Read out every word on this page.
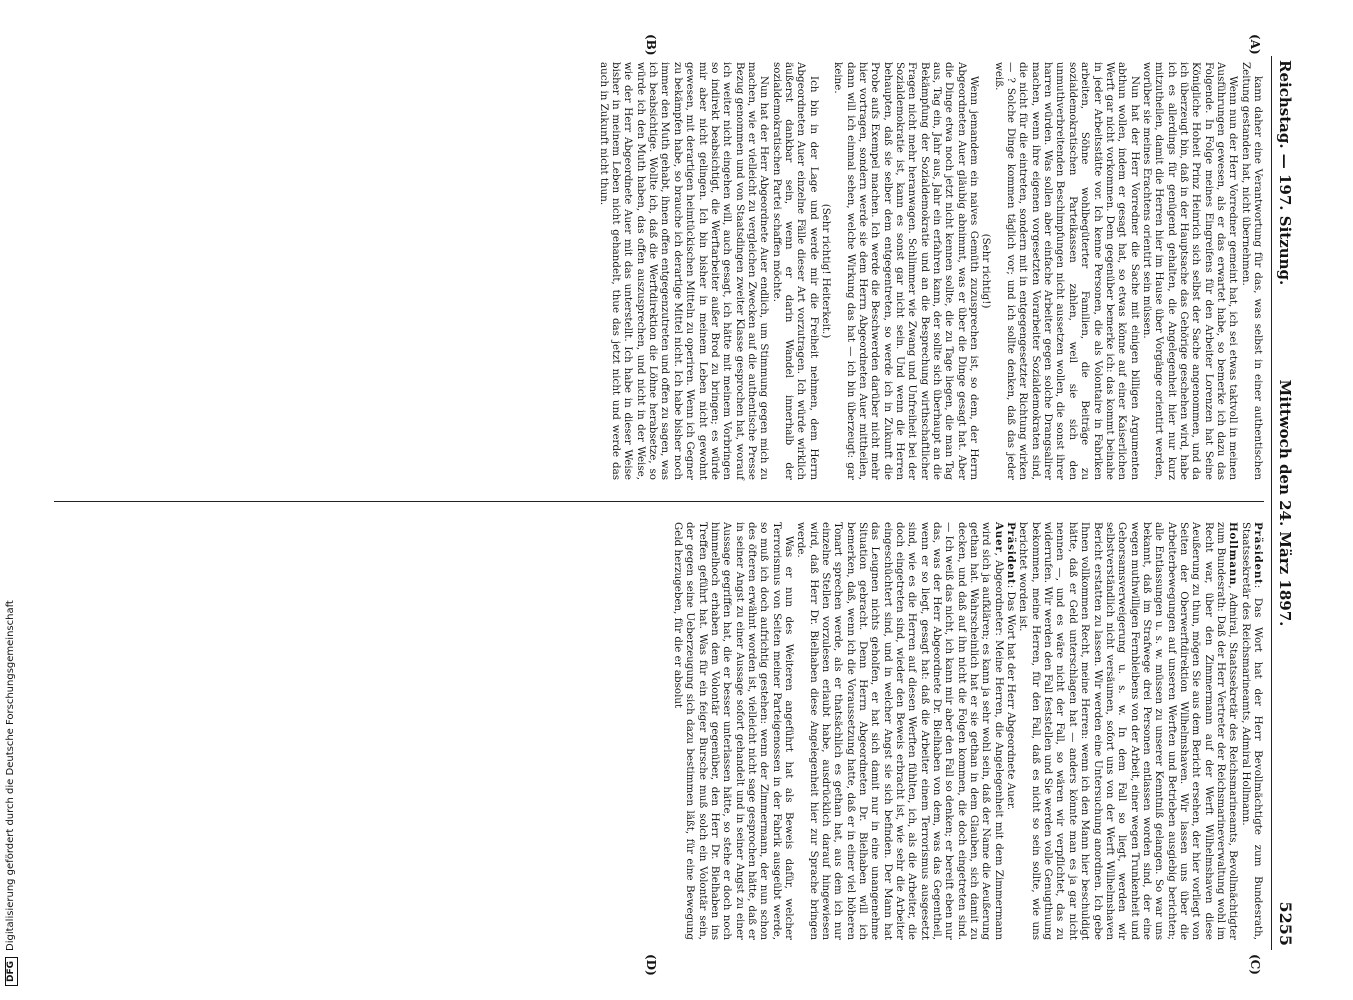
Reichstag. — 197. Sitzung.
Mittwoch den 24. März 1897.
5255

kann daher eine Verantwortung für das, was selbst in einer authentischen Zeitung gestanden hat, nicht übernehmen.

Wenn nun der Herr Vorredner gemeint hat, ich sei etwas taktvoll in meinen Ausführungen gewesen, als er das erwartet habe, so bemerke ich dazu das Folgende. In Folge meines Eingreifens für den Arbeiter Lorenzen hat Seine Königliche Hoheit Prinz Heinrich sich selbst der Sache angenommen, und da ich überzeugt bin, daß in der Hauptsache das Gehörige geschehen wird, habe ich es allerdings für genügend gehalten, die Angelegenheit hier nur kurz mitzutheilen, damit die Herren hier im Hause über Vorgänge orientirt werden, worüber sie meines Erachtens orientirt sein müssen.

Nun hat der Herr Vorredner die Sache mit einigen billigen Argumenten abthun wollen, indem er gesagt hat, so etwas könne auf einer Kaiserlichen Werft gar nicht vorkommen. Dem gegenüber bemerke ich: das kommt beinahe in jeder Arbeitsstätte vor. Ich kenne Personen, die als Volontaire in Fabriken arbeiten, Söhne wohlbegüterter Familien, die Beiträge zu sozialdemokratischen Parteikassen zahlen, weil sie sich den unmuthverbreitenden Beschimpfungen nicht aussetzen wollen, die sonst ihrer harren würden. Was sollen aber einfache Arbeiter gegen solche Drangsalirer machen, wenn ihre eigenen vorgesetzten Vorarbeiter Sozialdemokraten sind, die nicht für die eintreten, sondern mit in entgegengesetzter Richtung wirken — ? Solche Dinge kommen täglich vor; und ich sollte denken, daß das jeder weiß.

(Sehr richtig!)

Wenn jemandem ein naives Gemüth zuzusprechen ist, so dem, der Herrn Abgeordneten Auer gläubig abnimmt, was er über die Dinge gesagt hat. Aber die Dinge etwa noch jetzt nicht kennen sollte, die zu Tage liegen, die man Tag aus, Tag ein, Jahr aus, Jahr ein erfahren kann, der sollte sich überhaupt an die Bekämpfung der Sozialdemokratie und an die Besprechung wirthschaftlicher Fragen nicht mehr heranwagen. Schlimmer wie Zwang und Unfreiheit bei der Sozialdemokratie ist, kann es sonst gar nicht sein. Und wenn die Herren behaupten, daß sie selber dem entgegentreten, so werde ich in Zukunft die Probe aufs Exempel machen. Ich werde die Beschwerden darüber nicht mehr hier vortragen, sondern werde sie dem Herrn Abgeordneten Auer mittheilen, dann will ich einmal sehen, welche Wirkung das hat — ich bin überzeugt: gar keine.

(Sehr richtig! Heiterkeit.)

Ich bin in der Lage und werde mir die Freiheit nehmen, dem Herrn Abgeordneten Auer einzelne Fälle dieser Art vorzutragen. Ich würde wirklich äußerst dankbar sein, wenn er darin Wandel innerhalb der sozialdemokratischen Partei schaffen möchte.

Nun hat der Herr Abgeordnete Auer endlich, um Stimmung gegen mich zu machen, wie er vielleicht zu vergleichen Zwecken auf die authentische Presse Bezug genommen und von Staatsdingen zweiter Klasse gesprochen hat, worauf ich weiter nicht eingehen will, auch gesagt, ich hätte mit meinem Vorbringen so indirekt beabsichtigt, die Werftarbeiter außer Brod zu bringen; es würde mir aber nicht gelingen. Ich bin bisher in meinem Leben nicht gewohnt gewesen, mit derartigen heimtückischen Mitteln zu operiren. Wenn ich Gegner zu bekämpfen habe, so brauche ich derartige Mittel nicht. Ich habe bisher noch immer den Muth gehabt, ihnen offen entgegenzutreten und offen zu sagen, was ich beabsichtige. Wollte ich, daß die Werftdirektion die Löhne herabsetze, so würde ich den Muth haben, das offen auszusprechen, und nicht in der Weise, wie der Herr Abgeordnete Auer mit das unterstellt. Ich habe in dieser Weise bisher in meinem Leben nicht gehandelt, thue das jetzt nicht und werde das auch in Zukunft nicht thun.

Präsident: Das Wort hat der Herr Bevollmächtigte zum Bundesrath, Staatssekretär des Reichsmarineamts, Admiral Hollmann.

Hollmann, Admiral, Staatssekretär des Reichsmarineamts, Bevollmächtigter zum Bundesrath: Daß der Herr Vertreter der Reichsmarineverwaltung wohl im Recht war, über den Zimmermann auf der Werft Wilhelmshaven diese Aeußerung zu thun, mögen Sie aus dem Bericht ersehen, der hier vorliegt von Seiten der Oberwerftdirektion Wilhelmshaven. Wir lassen uns über die Arbeiterbewegungen auf unseren Werften und Betrieben ausgiebig berichten; alle Entlassungen u. s. w. müssen zu unserer Kenntniß gelangen. So war uns bekannt, daß im Strafwege drei Personen entlassen worden sind, der eine wegen muthwilligen Fernbleibens von der Arbeit, einer wegen Trunkenheit und Gehorsamsverweigerung u. s. w. In dem Fall so liegt, werden wir selbstverständlich nicht versäumen, sofort uns von der Werft Wilhelmshaven Bericht erstatten zu lassen. Wir werden eine Untersuchung anordnen. Ich gebe Ihnen vollkommen Recht, meine Herren: wenn ich den Mann hier beschuldigt hätte, daß er Geld unterschlagen hat — anders könnte man es ja gar nicht nennen —, und es wäre nicht der Fall, so wären wir verpflichtet, das zu widerrufen. Wir werden den Fall feststellen und Sie werden volle Genugthuung bekommen, meine Herren, für den Fall, daß es nicht so sein sollte, wie uns berichtet worden ist.

Präsident: Das Wort hat der Herr Abgeordnete Auer.

Auer, Abgeordneter: Meine Herren, die Angelegenheit mit dem Zimmermann wird sich ja aufklären; es kann ja sehr wohl sein, daß der Name die Aeußerung gethan hat. Wahrscheinlich hat er sie gethan in dem Glauben, sich damit zu decken, und daß auf ihn nicht die Folgen kommen, die doch eingetreten sind. — Ich weiß das nicht, ich kann mir aber den Fall so denken; er bereift eben nur das, was der Herr Abgeordnete Dr. Bielhaben von dem, was das Gegentheil, wenn er so liegt, gesagt hat: daß die Arbeiter einem Terrorismus ausgesetzt sind, wie es die Herren auf diesen Werften fühlten, ich, als die Arbeiter, die doch eingetreten sind, wieder den Beweis erbracht ist, wie sehr die Arbeiter eingeschüchtert sind, und in welcher Angst sie sich befinden. Der Mann hat das Leugnen nichts geholfen, er hat sich damit nur in eine unangenehme Situation gebracht. Denn Herrn Abgeordneten Dr. Bielhaben will ich bemerken, daß, wenn ich die Voraussetzung hatte, daß er in einer viel höheren Tonart sprechen werde, als er thatsächlich es gethan hat, aus dem ich nur einzelne Stellen vorzulesen erlaubt habe, ausdrücklich darauf hingewiesen wird, daß Herr Dr. Bielhaben diese Angelegenheit hier zur Sprache bringen werde.

Was er nun des Weiteren angeführt hat als Beweis dafür, welcher Terrorismus von Seiten meiner Parteigenossen in der Fabrik ausgeübt werde, so muß ich doch aufrichtig gestehen: wenn der Zimmermann, der nun schon des öfteren erwähnt worden ist, vielleicht nicht sage gesprochen hätte, daß er in seiner Angst zu einer Aussage sofort gehandelt und in seiner Angst zu einer Aussage gegriffen hat, die er besser unterlassen hätte, so stehe er doch noch himmelhoch erhaben dem Volontär gegenüber, den Herr Dr. Bielhaben ins Treffen geführt hat. Was für ein feiger Bursche muß solch ein Volontär sein, der gegen seine Ueberzeugung sich dazu bestimmen läßt, für eine Bewegung Geld herzugeben, für die er absolut

(A)
(B)
(C)
(D)
DFGDigitalisierung gefördert durch die Deutsche Forschungsgemeinschaft
